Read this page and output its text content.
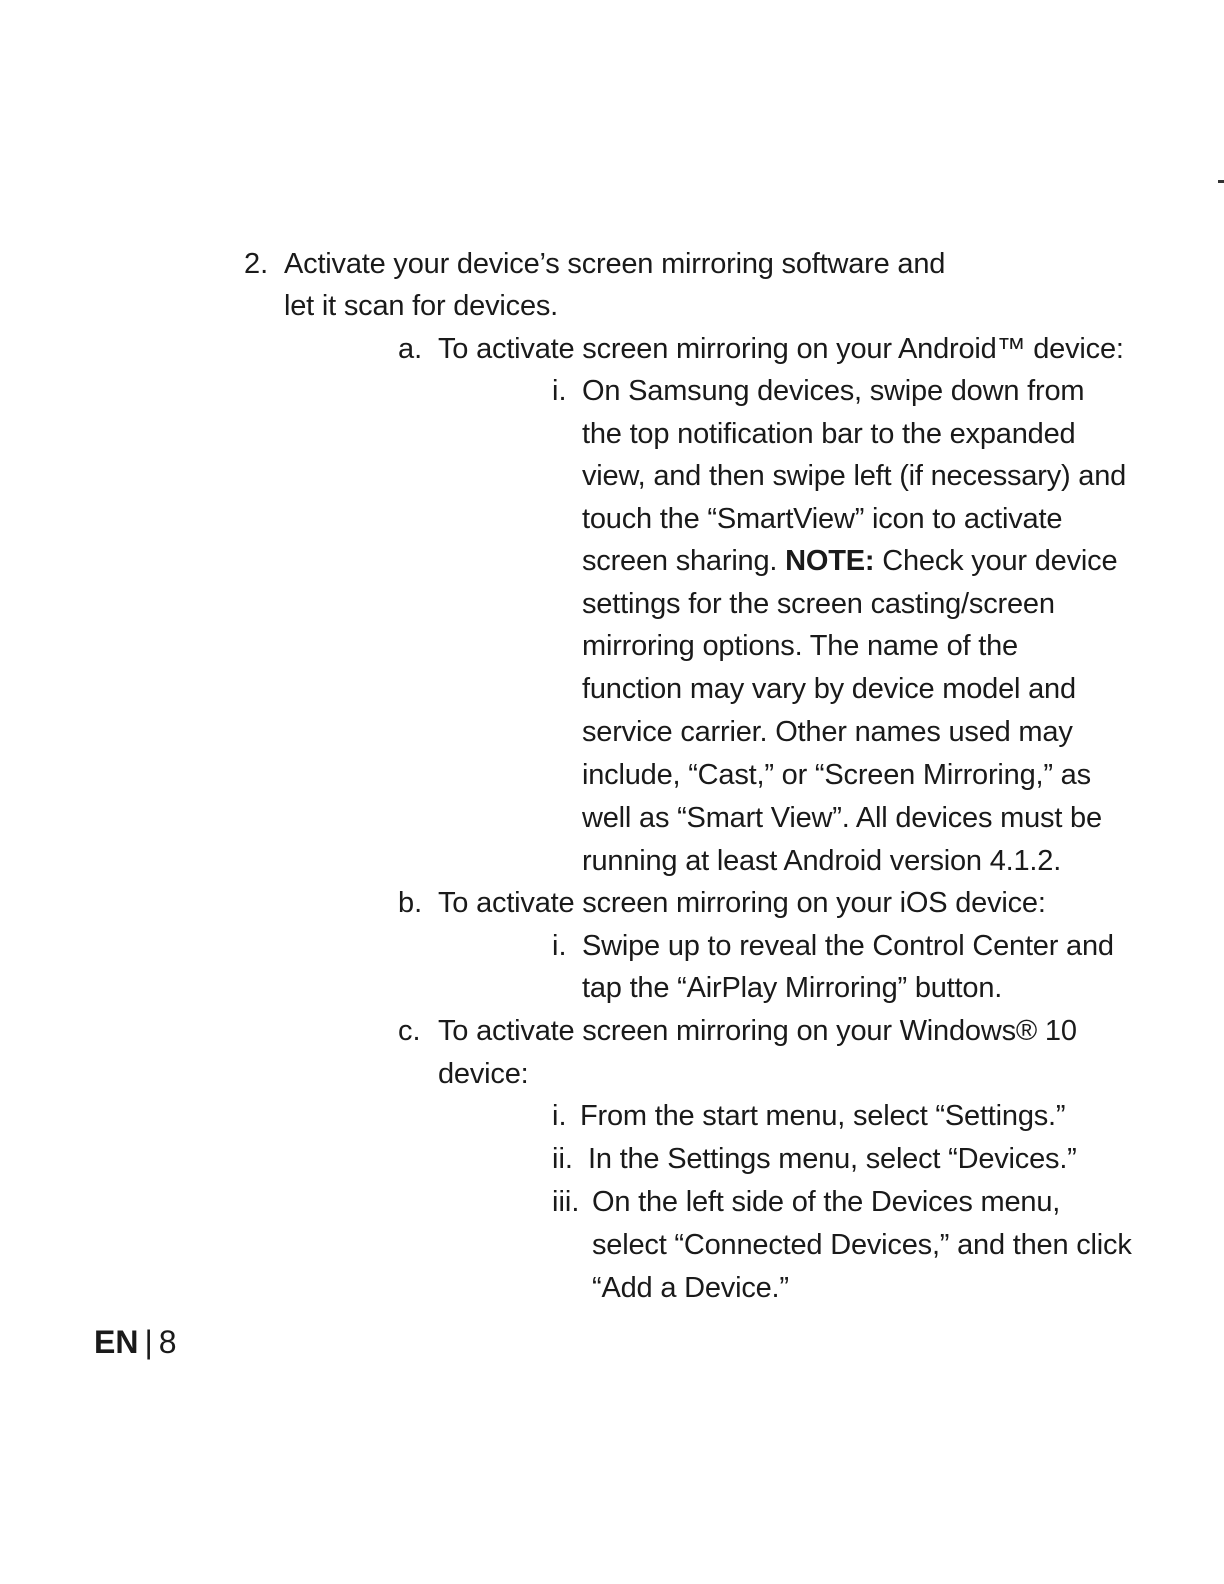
2. Activate your device’s screen mirroring software and
let it scan for devices.
a. To activate screen mirroring on your Android™ device:
i. On Samsung devices, swipe down from
the top notification bar to the expanded
view, and then swipe left (if necessary) and
touch the “SmartView” icon to activate
screen sharing. NOTE: Check your device
settings for the screen casting/screen
mirroring options. The name of the
function may vary by device model and
service carrier. Other names used may
include, “Cast,” or “Screen Mirroring,” as
well as “Smart View”. All devices must be
running at least Android version 4.1.2.
b. To activate screen mirroring on your iOS device:
i. Swipe up to reveal the Control Center and
tap the “AirPlay Mirroring” button.
c. To activate screen mirroring on your Windows® 10
device:
i. From the start menu, select “Settings.”
ii. In the Settings menu, select “Devices.”
iii. On the left side of the Devices menu,
select “Connected Devices,” and then click
“Add a Device.”
EN | 8
